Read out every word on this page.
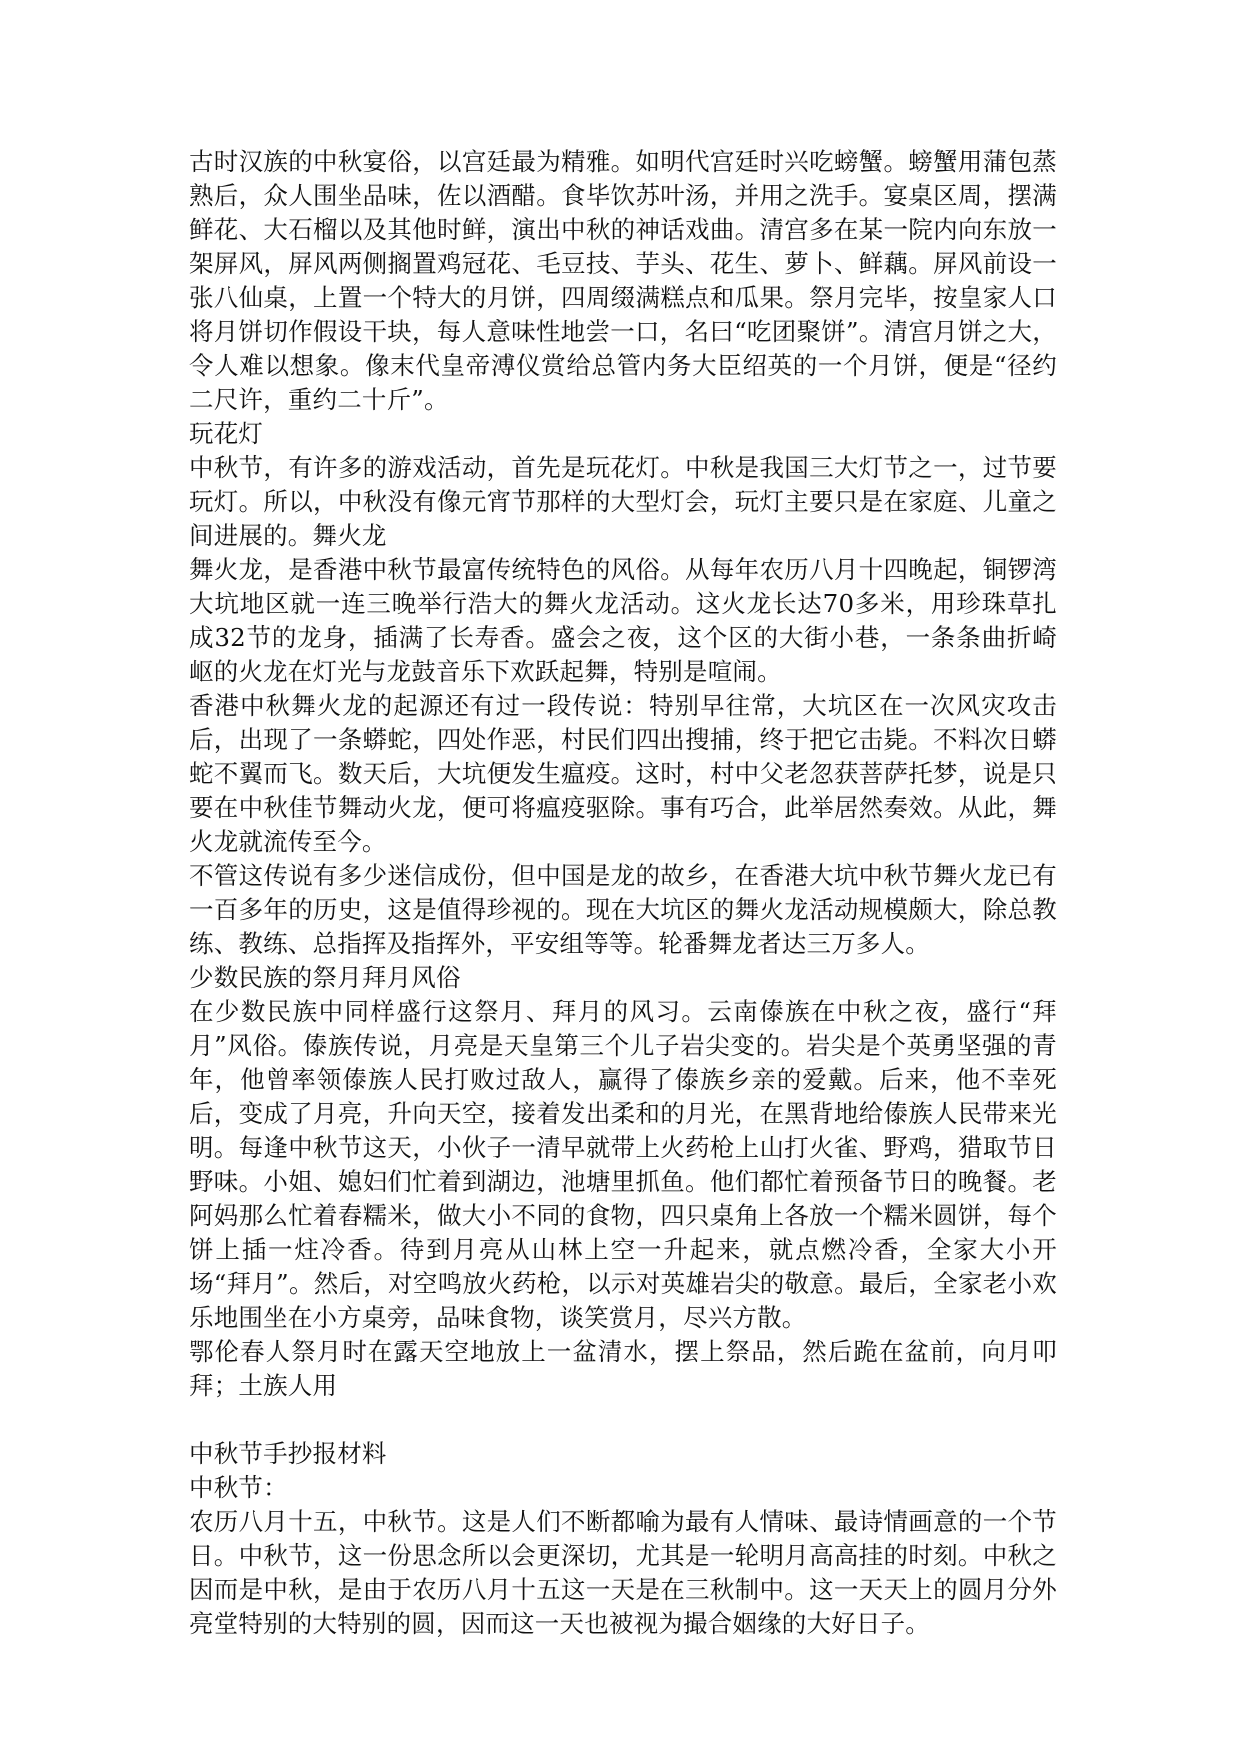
古时汉族的中秋宴俗，以宫廷最为精雅。如明代宫廷时兴吃螃蟹。螃蟹用蒲包蒸熟后，众人围坐品味，佐以酒醋。食毕饮苏叶汤，并用之洗手。宴桌区周，摆满鲜花、大石榴以及其他时鲜，演出中秋的神话戏曲。清宫多在某一院内向东放一架屏风，屏风两侧搁置鸡冠花、毛豆技、芋头、花生、萝卜、鲜藕。屏风前设一张八仙桌，上置一个特大的月饼，四周缀满糕点和瓜果。祭月完毕，按皇家人口将月饼切作假设干块，每人意味性地尝一口，名曰“吃团聚饼”。清宫月饼之大，令人难以想象。像末代皇帝溥仪赏给总管内务大臣绍英的一个月饼，便是“径约二尺许，重约二十斤”。

玩花灯

中秋节，有许多的游戏活动，首先是玩花灯。中秋是我国三大灯节之一，过节要玩灯。所以，中秋没有像元宵节那样的大型灯会，玩灯主要只是在家庭、儿童之间进展的。舞火龙

舞火龙，是香港中秋节最富传统特色的风俗。从每年农历八月十四晚起，铜锣湾大坑地区就一连三晚举行浩大的舞火龙活动。这火龙长达70多米，用珍珠草扎成32节的龙身，插满了长寿香。盛会之夜，这个区的大街小巷，一条条曲折崎岖的火龙在灯光与龙鼓音乐下欢跃起舞，特别是喧闹。

香港中秋舞火龙的起源还有过一段传说：特别早往常，大坑区在一次风灾攻击后，出现了一条蟒蛇，四处作恶，村民们四出搜捕，终于把它击毙。不料次日蟒蛇不翼而飞。数天后，大坑便发生瘟疫。这时，村中父老忽获菩萨托梦，说是只要在中秋佳节舞动火龙，便可将瘟疫驱除。事有巧合，此举居然奏效。从此，舞火龙就流传至今。

不管这传说有多少迷信成份，但中国是龙的故乡，在香港大坑中秋节舞火龙已有一百多年的历史，这是值得珍视的。现在大坑区的舞火龙活动规模颇大，除总教练、教练、总指挥及指挥外，平安组等等。轮番舞龙者达三万多人。

少数民族的祭月拜月风俗

在少数民族中同样盛行这祭月、拜月的风习。云南傣族在中秋之夜，盛行“拜月”风俗。傣族传说，月亮是天皇第三个儿子岩尖变的。岩尖是个英勇坚强的青年，他曾率领傣族人民打败过敌人，赢得了傣族乡亲的爱戴。后来，他不幸死后，变成了月亮，升向天空，接着发出柔和的月光，在黑背地给傣族人民带来光明。每逢中秋节这天，小伙子一清早就带上火药枪上山打火雀、野鸡，猎取节日野味。小姐、媳妇们忙着到湖边，池塘里抓鱼。他们都忙着预备节日的晚餐。老阿妈那么忙着舂糯米，做大小不同的食物，四只桌角上各放一个糯米圆饼，每个饼上插一炷冷香。待到月亮从山林上空一升起来，就点燃冷香，全家大小开场“拜月”。然后，对空鸣放火药枪，以示对英雄岩尖的敬意。最后，全家老小欢乐地围坐在小方桌旁，品味食物，谈笑赏月，尽兴方散。

鄂伦春人祭月时在露天空地放上一盆清水，摆上祭品，然后跪在盆前，向月叩拜；土族人用

中秋节手抄报材料

中秋节：

农历八月十五，中秋节。这是人们不断都喻为最有人情味、最诗情画意的一个节日。中秋节，这一份思念所以会更深切，尤其是一轮明月高高挂的时刻。中秋之因而是中秋，是由于农历八月十五这一天是在三秋制中。这一天天上的圆月分外亮堂特别的大特别的圆，因而这一天也被视为撮合姻缘的大好日子。
